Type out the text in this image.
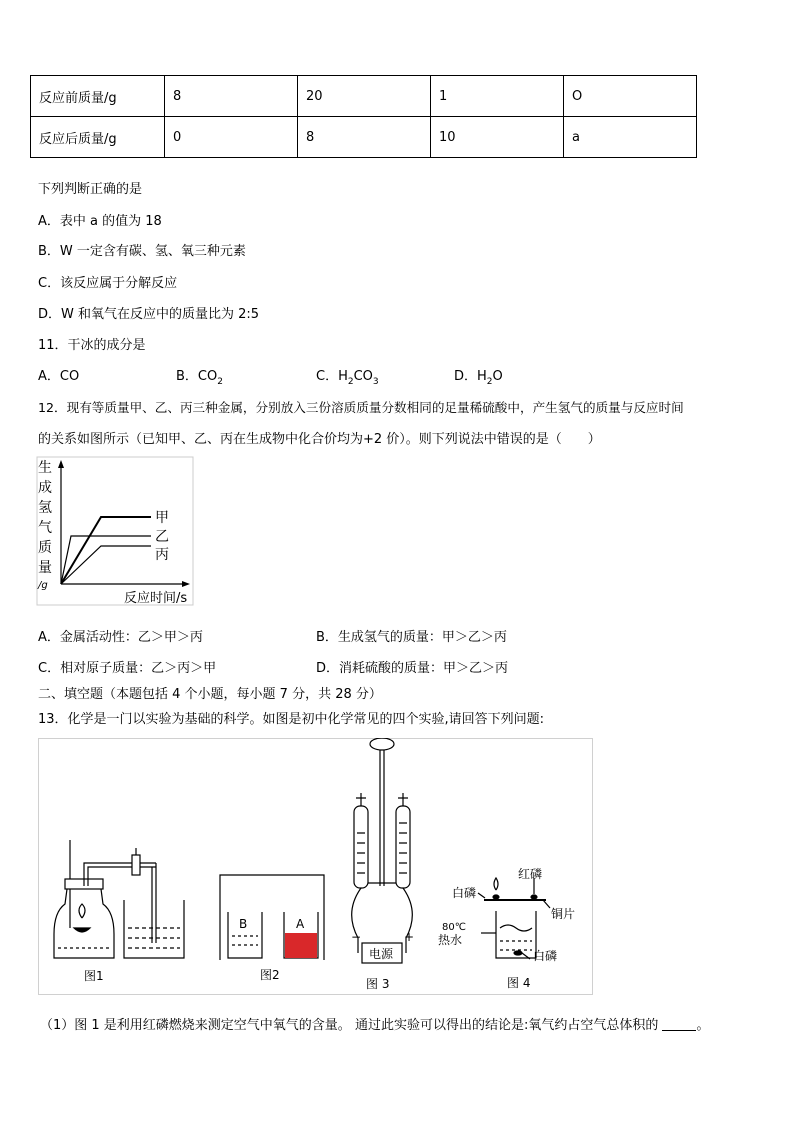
反应前质量/g	8	20	1	O
反应后质量/g	0	8	10	a
下列判断正确的是
A．表中 a 的值为 18
B．W 一定含有碳、氢、氧三种元素
C．该反应属于分解反应
D．W 和氧气在反应中的质量比为 2:5
11．干冰的成分是
A．CO	B．$CO_2$	C．$H_2CO_3$	D．$H_2O$
12．现有等质量甲、乙、丙三种金属，分别放入三份溶质质量分数相同的足量稀硫酸中，产生氢气的质量与反应时间
的关系如图所示（已知甲、乙、丙在生成物中化合价均为+2 价）。则下列说法中错误的是（　　）
生
成
氢
气
质
量
/g
反应时间/s
甲
乙
丙
A．金属活动性：乙＞甲＞丙	B．生成氢气的质量：甲＞乙＞丙
C．相对原子质量：乙＞丙＞甲	D．消耗硫酸的质量：甲＞乙＞丙
二、填空题（本题包括 4 个小题，每小题 7 分，共 28 分）
13．化学是一门以实验为基础的科学。如图是初中化学常见的四个实验,请回答下列问题:
图1
B	A
图2
电源
−	+
图 3
红磷
白磷
铜片
80℃
热水
白磷
图 4
（1）图 1 是利用红磷燃烧来测定空气中氧气的含量。 通过此实验可以得出的结论是:氧气约占空气总体积的	。
